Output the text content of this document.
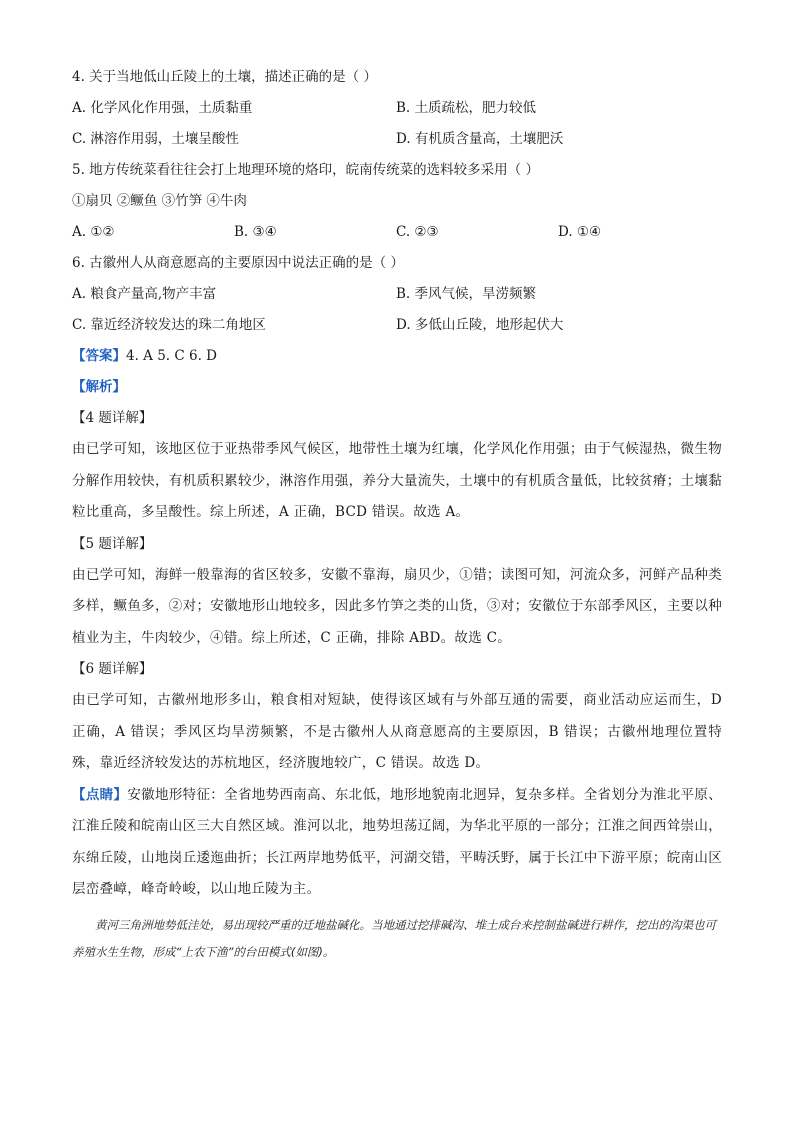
4. 关于当地低山丘陵上的土壤，描述正确的是（ ）
A. 化学风化作用强，土质黏重	B. 土质疏松，肥力较低
C. 淋溶作用弱，土壤呈酸性	D. 有机质含量高，土壤肥沃
5. 地方传统菜看往往会打上地理环境的烙印，皖南传统菜的选料较多采用（ ）
①扇贝 ②鳜鱼 ③竹笋 ④牛肉
A. ①②	B. ③④	C. ②③	D. ①④
6. 古徽州人从商意愿高的主要原因中说法正确的是（ ）
A. 粮食产量高,物产丰富	B. 季风气候，旱涝频繁
C. 靠近经济较发达的珠二角地区	D. 多低山丘陵，地形起伏大
【答案】4. A 5. C 6. D
【解析】
【4 题详解】
由已学可知，该地区位于亚热带季风气候区，地带性土壤为红壤，化学风化作用强；由于气候湿热，微生物分解作用较快，有机质积累较少，淋溶作用强，养分大量流失，土壤中的有机质含量低，比较贫瘠；土壤黏粒比重高，多呈酸性。综上所述，A 正确，BCD 错误。故选 A。
【5 题详解】
由已学可知，海鲜一般靠海的省区较多，安徽不靠海，扇贝少，①错；读图可知，河流众多，河鲜产品种类多样，鳜鱼多，②对；安徽地形山地较多，因此多竹笋之类的山货，③对；安徽位于东部季风区，主要以种植业为主，牛肉较少，④错。综上所述，C 正确，排除 ABD。故选 C。
【6 题详解】
由已学可知，古徽州地形多山，粮食相对短缺，使得该区域有与外部互通的需要，商业活动应运而生，D 正确，A 错误；季风区均旱涝频繁，不是古徽州人从商意愿高的主要原因，B 错误；古徽州地理位置特殊，靠近经济较发达的苏杭地区，经济腹地较广，C 错误。故选 D。
【点睛】安徽地形特征：全省地势西南高、东北低，地形地貌南北迥异，复杂多样。全省划分为淮北平原、江淮丘陵和皖南山区三大自然区域。淮河以北，地势坦荡辽阔，为华北平原的一部分；江淮之间西耸崇山，东绵丘陵，山地岗丘逶迤曲折；长江两岸地势低平，河湖交错，平畴沃野，属于长江中下游平原；皖南山区层峦叠嶂，峰奇岭峻，以山地丘陵为主。
黄河三角洲地势低洼处，易出现较严重的迁地盐碱化。当地通过挖排碱沟、堆土成台来控制盐碱进行耕作，挖出的沟渠也可养殖水生生物，形成“上农下渔”的台田模式(如图)。
